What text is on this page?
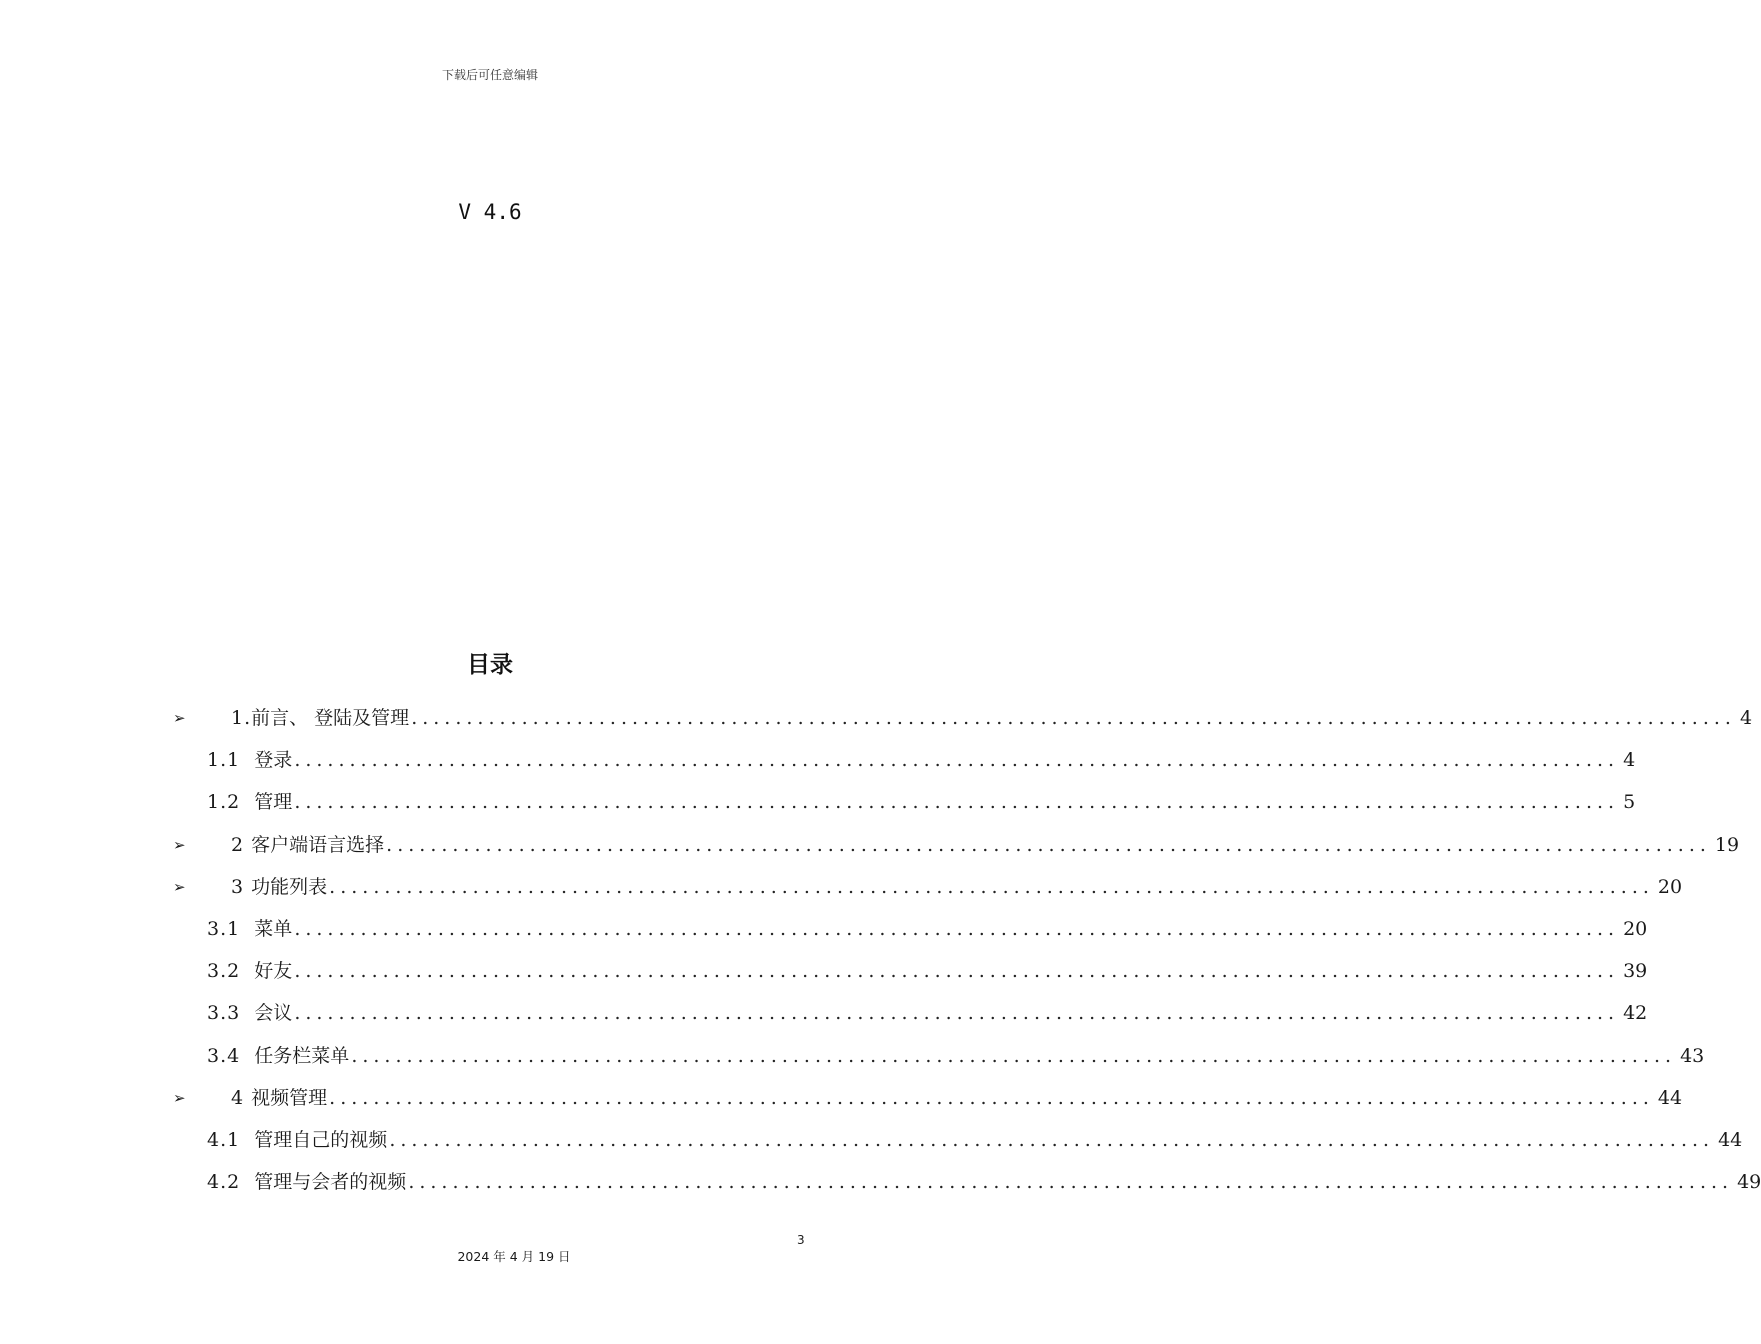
下载后可任意编辑
V 4.6
目录
➢	1. 前言、 登陆及管理 ........................................................................................................................ 4
1.1 登录 ........................................................................................................................ 4
1.2 管理 ........................................................................................................................ 5
➢	2 客户端语言选择 ........................................................................................................................ 19
➢	3 功能列表 ........................................................................................................................ 20
3.1 菜单 ........................................................................................................................ 20
3.2 好友 ........................................................................................................................ 39
3.3 会议 ........................................................................................................................ 42
3.4 任务栏菜单 ........................................................................................................................ 43
➢	4 视频管理 ........................................................................................................................ 44
4.1 管理自己的视频 ........................................................................................................................ 44
4.2 管理与会者的视频 ........................................................................................................................ 49
3
2024 年 4 月 19 日
